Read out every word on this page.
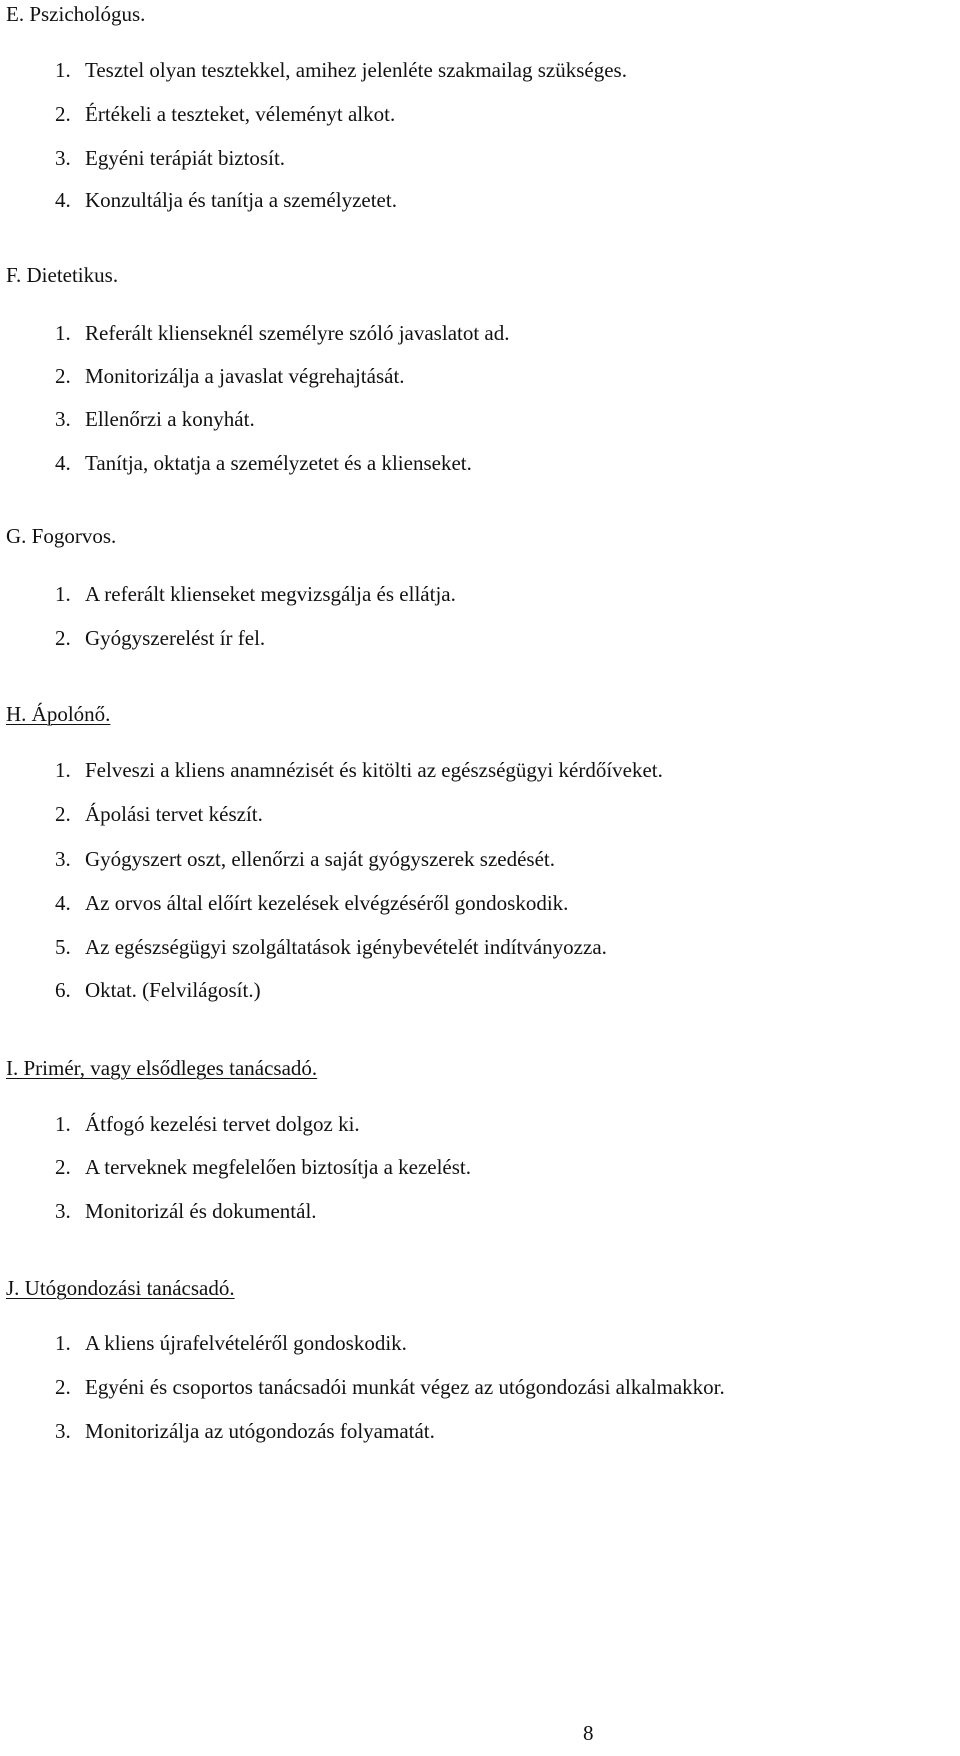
E. Pszichológus.
1. Tesztel olyan tesztekkel, amihez jelenléte szakmailag szükséges.
2. Értékeli a teszteket, véleményt alkot.
3. Egyéni terápiát biztosít.
4. Konzultálja és tanítja a személyzetet.
F. Dietetikus.
1. Referált klienseknél személyre szóló javaslatot ad.
2. Monitorizálja a javaslat végrehajtását.
3. Ellenőrzi a konyhát.
4. Tanítja, oktatja a személyzetet és a klienseket.
G. Fogorvos.
1. A referált klienseket megvizsgálja és ellátja.
2. Gyógyszerelést ír fel.
H. Ápolónő.
1. Felveszi a kliens anamnézisét és kitölti az egészségügyi kérdőíveket.
2. Ápolási tervet készít.
3. Gyógyszert oszt, ellenőrzi a saját gyógyszerek szedését.
4. Az orvos által előírt kezelések elvégzéséről gondoskodik.
5. Az egészségügyi szolgáltatások igénybevételét indítványozza.
6. Oktat. (Felvilágosít.)
I. Primér, vagy elsődleges tanácsadó.
1. Átfogó kezelési tervet dolgoz ki.
2. A terveknek megfelelően biztosítja a kezelést.
3. Monitorizál és dokumentál.
J. Utógondozási tanácsadó.
1. A kliens újrafelvételéről gondoskodik.
2. Egyéni és csoportos tanácsadói munkát végez az utógondozási alkalmakkor.
3. Monitorizálja az utógondozás folyamatát.
8
